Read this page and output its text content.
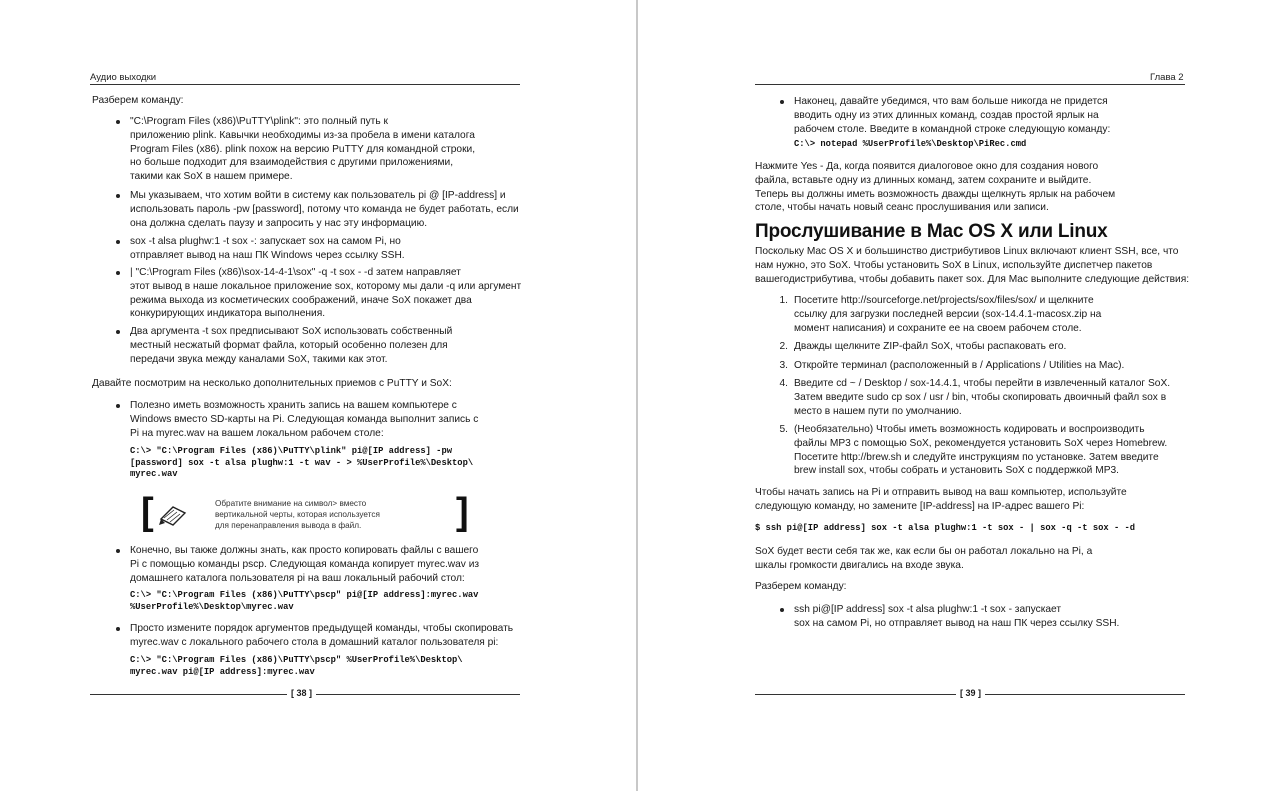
Аудио выходки

Разберем команду:

"C:\Program Files (x86)\PuTTY\plink": это полный путь к
приложению plink. Кавычки необходимы из-за пробела в имени каталога
Program Files (x86). plink похож на версию PuTTY для командной строки,
но больше подходит для взаимодействия с другими приложениями,
такими как SoX в нашем примере.
Мы указываем, что хотим войти в систему как пользователь pi @ [IP-address] и
использовать пароль -pw [password], потому что команда не будет работать, если
она должна сделать паузу и запросить у нас эту информацию.
sox -t alsa plughw:1 -t sox -: запускает sox на самом Pi, но
отправляет вывод на наш ПК Windows через ссылку SSH.
| "C:\Program Files (x86)\sox-14-4-1\sox" -q -t sox - -d затем направляет
этот вывод в наше локальное приложение sox, которому мы дали -q или аргумент
режима выхода из косметических соображений, иначе SoX покажет два
конкурирующих индикатора выполнения.
Два аргумента -t sox предписывают SoX использовать собственный
местный несжатый формат файла, который особенно полезен для
передачи звука между каналами SoX, такими как этот.

Давайте посмотрим на несколько дополнительных приемов с PuTTY и SoX:

Полезно иметь возможность хранить запись на вашем компьютере с
Windows вместо SD-карты на Pi. Следующая команда выполнит запись с
Pi на myrec.wav на вашем локальном рабочем столе:
C:\> "C:\Program Files (x86)\PuTTY\plink" pi@[IP address] -pw
[password] sox -t alsa plughw:1 -t wav - > %UserProfile%\Desktop\
myrec.wav
[	Обратите внимание на символ> вместо
вертикальной черты, которая используется
для перенаправления вывода в файл.	]
Конечно, вы также должны знать, как просто копировать файлы с вашего
Pi с помощью команды pscp. Следующая команда копирует myrec.wav из
домашнего каталога пользователя pi на ваш локальный рабочий стол:
C:\> "C:\Program Files (x86)\PuTTY\pscp" pi@[IP address]:myrec.wav
%UserProfile%\Desktop\myrec.wav
Просто измените порядок аргументов предыдущей команды, чтобы скопировать
myrec.wav с локального рабочего стола в домашний каталог пользователя pi:
C:\> "C:\Program Files (x86)\PuTTY\pscp" %UserProfile%\Desktop\
myrec.wav pi@[IP address]:myrec.wav
[ 38 ]
Глава 2
Наконец, давайте убедимся, что вам больше никогда не придется
вводить одну из этих длинных команд, создав простой ярлык на
рабочем столе. Введите в командной строке следующую команду:
C:\> notepad %UserProfile%\Desktop\PiRec.cmd
Нажмите Yes - Да, когда появится диалоговое окно для создания нового
файла, вставьте одну из длинных команд, затем сохраните и выйдите.
Теперь вы должны иметь возможность дважды щелкнуть ярлык на рабочем
столе, чтобы начать новый сеанс прослушивания или записи.
Прослушивание в Mac OS X или Linux
Поскольку Mac OS X и большинство дистрибутивов Linux включают клиент SSH, все, что
нам нужно, это SoX. Чтобы установить SoX в Linux, используйте диспетчер пакетов
вашегодистрибутива, чтобы добавить пакет sox. Для Mac выполните следующие действия:
1. Посетите http://sourceforge.net/projects/sox/files/sox/ и щелкните
ссылку для загрузки последней версии (sox-14.4.1-macosx.zip на
момент написания) и сохраните ее на своем рабочем столе.
2. Дважды щелкните ZIP-файл SoX, чтобы распаковать его.
3. Откройте терминал (расположенный в / Applications / Utilities на Mac).
4. Введите cd ~ / Desktop / sox-14.4.1, чтобы перейти в извлеченный каталог SoX.
Затем введите sudo cp sox / usr / bin, чтобы скопировать двоичный файл sox в
место в нашем пути по умолчанию.
5. (Необязательно) Чтобы иметь возможность кодировать и воспроизводить
файлы MP3 с помощью SoX, рекомендуется установить SoX через Homebrew.
Посетите http://brew.sh и следуйте инструкциям по установке. Затем введите
brew install sox, чтобы собрать и установить SoX с поддержкой MP3.
Чтобы начать запись на Pi и отправить вывод на ваш компьютер, используйте
следующую команду, но замените [IP-address] на IP-адрес вашего Pi:
$ ssh pi@[IP address] sox -t alsa plughw:1 -t sox - | sox -q -t sox - -d
SoX будет вести себя так же, как если бы он работал локально на Pi, а
шкалы громкости двигались на входе звука.

Разберем команду:

ssh pi@[IP address] sox -t alsa plughw:1 -t sox - запускает
sox на самом Pi, но отправляет вывод на наш ПК через ссылку SSH.
[ 39 ]
